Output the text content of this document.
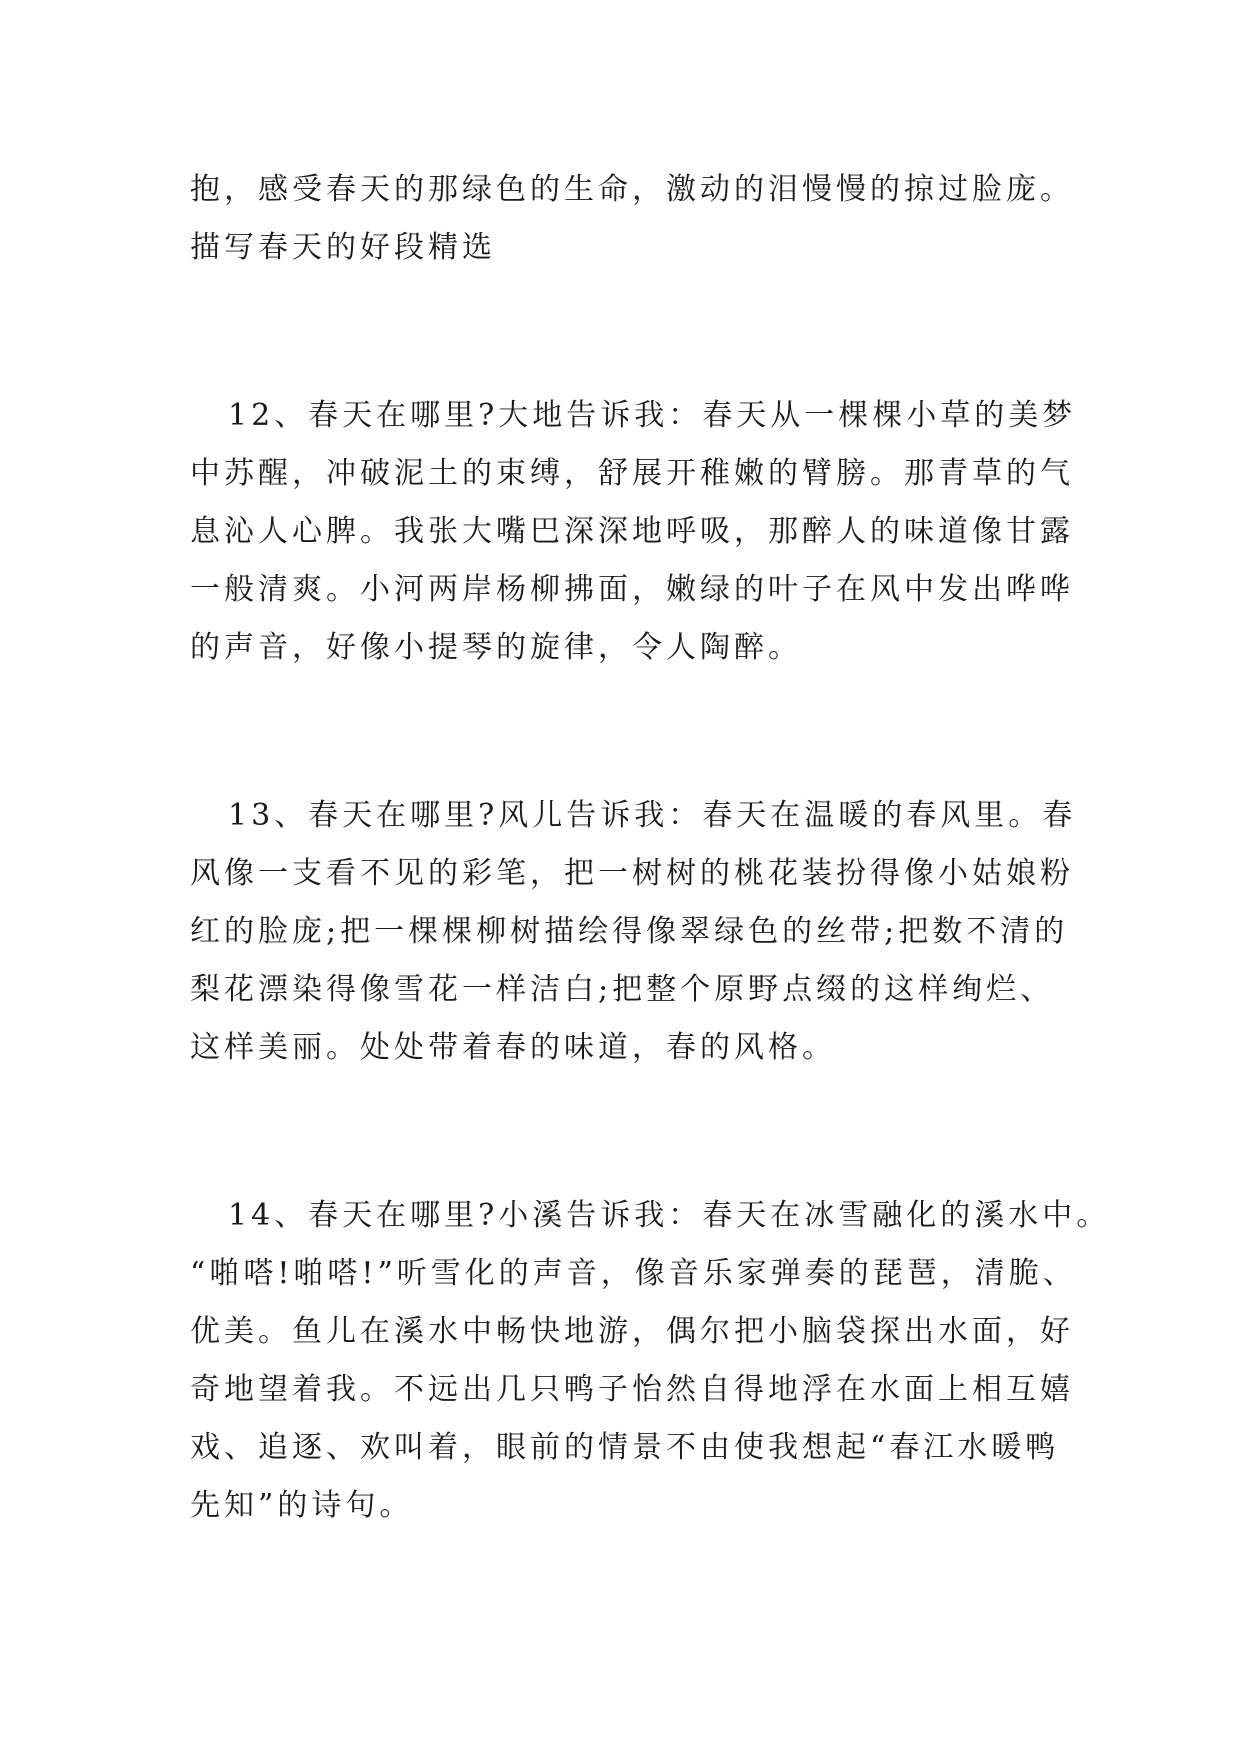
抱，感受春天的那绿色的生命，激动的泪慢慢的掠过脸庞。
描写春天的好段精选
12、春天在哪里?大地告诉我：春天从一棵棵小草的美梦
中苏醒，冲破泥土的束缚，舒展开稚嫩的臂膀。那青草的气
息沁人心脾。我张大嘴巴深深地呼吸，那醉人的味道像甘露
一般清爽。小河两岸杨柳拂面，嫩绿的叶子在风中发出哗哗
的声音，好像小提琴的旋律，令人陶醉。
13、春天在哪里?风儿告诉我：春天在温暖的春风里。春
风像一支看不见的彩笔，把一树树的桃花装扮得像小姑娘粉
红的脸庞;把一棵棵柳树描绘得像翠绿色的丝带;把数不清的
梨花漂染得像雪花一样洁白;把整个原野点缀的这样绚烂、
这样美丽。处处带着春的味道，春的风格。
14、春天在哪里?小溪告诉我：春天在冰雪融化的溪水中。
“啪嗒!啪嗒!”听雪化的声音，像音乐家弹奏的琵琶，清脆、
优美。鱼儿在溪水中畅快地游，偶尔把小脑袋探出水面，好
奇地望着我。不远出几只鸭子怡然自得地浮在水面上相互嬉
戏、追逐、欢叫着，眼前的情景不由使我想起“春江水暖鸭
先知”的诗句。
